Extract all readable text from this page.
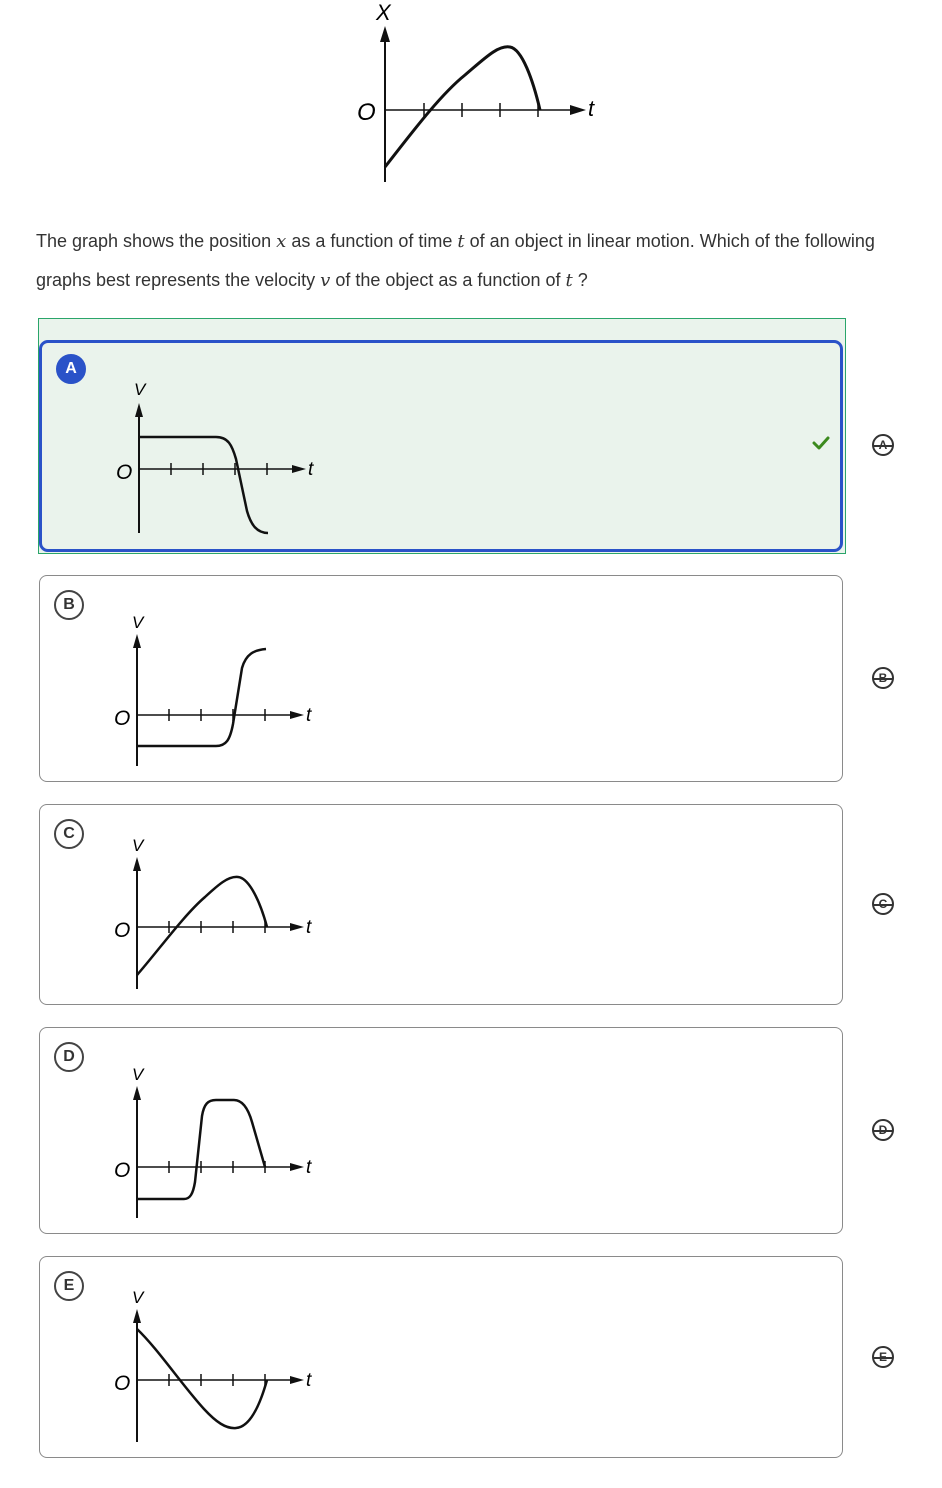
X
O	t
The graph shows the position x as a function of time t of an object in linear motion. Which of the following graphs best represents the velocity v of the object as a function of t ?
A
V
O	t
B
V
O	t
C
V
O	t
D
V
O	t
E
V
O	t
